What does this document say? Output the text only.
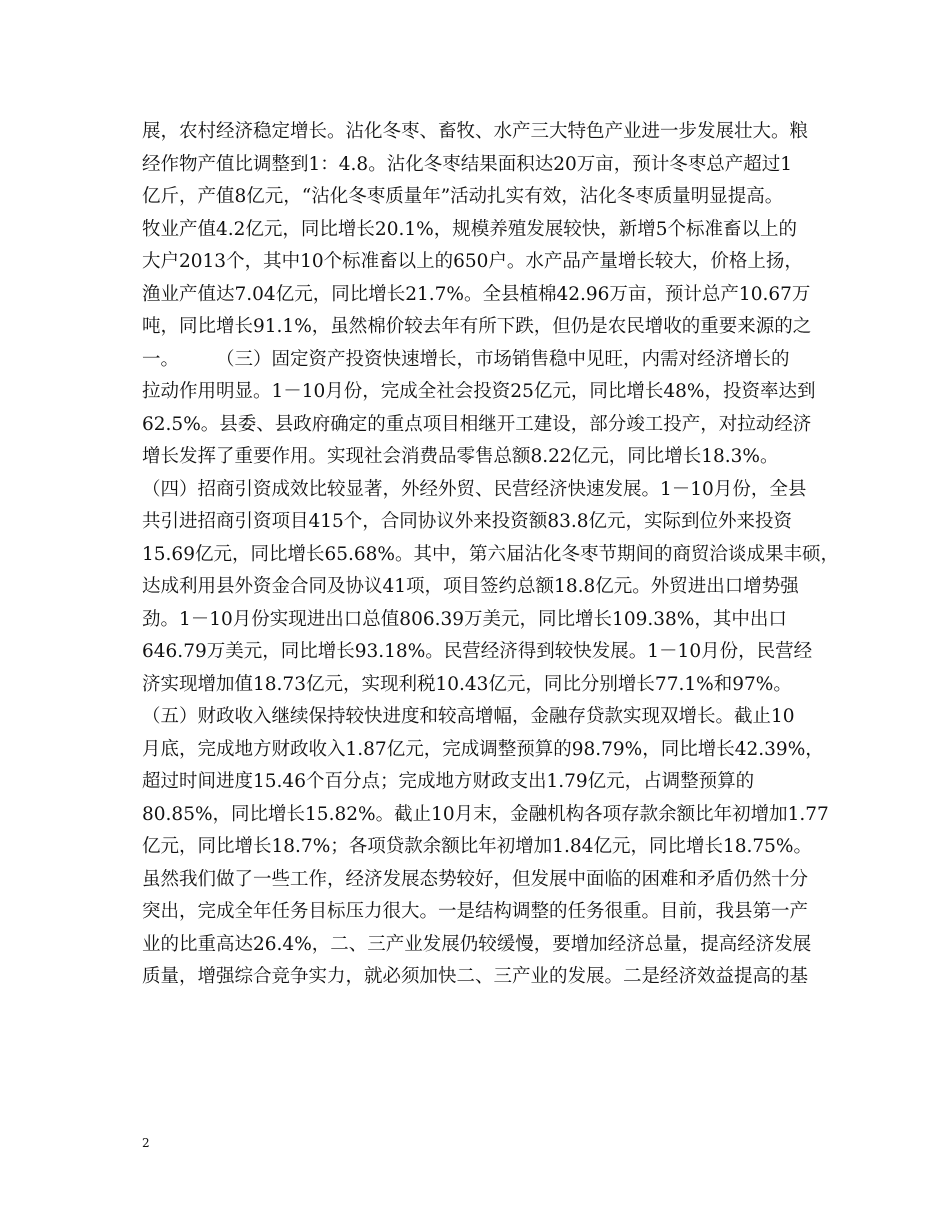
展，农村经济稳定增长。沾化冬枣、畜牧、水产三大特色产业进一步发展壮大。粮
经作物产值比调整到1：4.8。沾化冬枣结果面积达20万亩，预计冬枣总产超过1
亿斤，产值8亿元，“沾化冬枣质量年”活动扎实有效，沾化冬枣质量明显提高。
牧业产值4.2亿元，同比增长20.1%，规模养殖发展较快，新增5个标准畜以上的
大户2013个，其中10个标准畜以上的650户。水产品产量增长较大，价格上扬，
渔业产值达7.04亿元，同比增长21.7%。全县植棉42.96万亩，预计总产10.67万
吨，同比增长91.1%，虽然棉价较去年有所下跌，但仍是农民增收的重要来源的之
一。　　　（三）固定资产投资快速增长，市场销售稳中见旺，内需对经济增长的
拉动作用明显。1－10月份，完成全社会投资25亿元，同比增长48%，投资率达到
62.5%。县委、县政府确定的重点项目相继开工建设，部分竣工投产，对拉动经济
增长发挥了重要作用。实现社会消费品零售总额8.22亿元，同比增长18.3%。
（四）招商引资成效比较显著，外经外贸、民营经济快速发展。1－10月份，全县
共引进招商引资项目415个，合同协议外来投资额83.8亿元，实际到位外来投资
15.69亿元，同比增长65.68%。其中，第六届沾化冬枣节期间的商贸洽谈成果丰硕，
达成利用县外资金合同及协议41项，项目签约总额18.8亿元。外贸进出口增势强
劲。1－10月份实现进出口总值806.39万美元，同比增长109.38%，其中出口
646.79万美元，同比增长93.18%。民营经济得到较快发展。1－10月份，民营经
济实现增加值18.73亿元，实现利税10.43亿元，同比分别增长77.1%和97%。
（五）财政收入继续保持较快进度和较高增幅，金融存贷款实现双增长。截止10
月底，完成地方财政收入1.87亿元，完成调整预算的98.79%，同比增长42.39%，
超过时间进度15.46个百分点；完成地方财政支出1.79亿元，占调整预算的
80.85%，同比增长15.82%。截止10月末，金融机构各项存款余额比年初增加1.77
亿元，同比增长18.7%；各项贷款余额比年初增加1.84亿元，同比增长18.75%。
虽然我们做了一些工作，经济发展态势较好，但发展中面临的困难和矛盾仍然十分
突出，完成全年任务目标压力很大。一是结构调整的任务很重。目前，我县第一产
业的比重高达26.4%，二、三产业发展仍较缓慢，要增加经济总量，提高经济发展
质量，增强综合竞争实力，就必须加快二、三产业的发展。二是经济效益提高的基
2
